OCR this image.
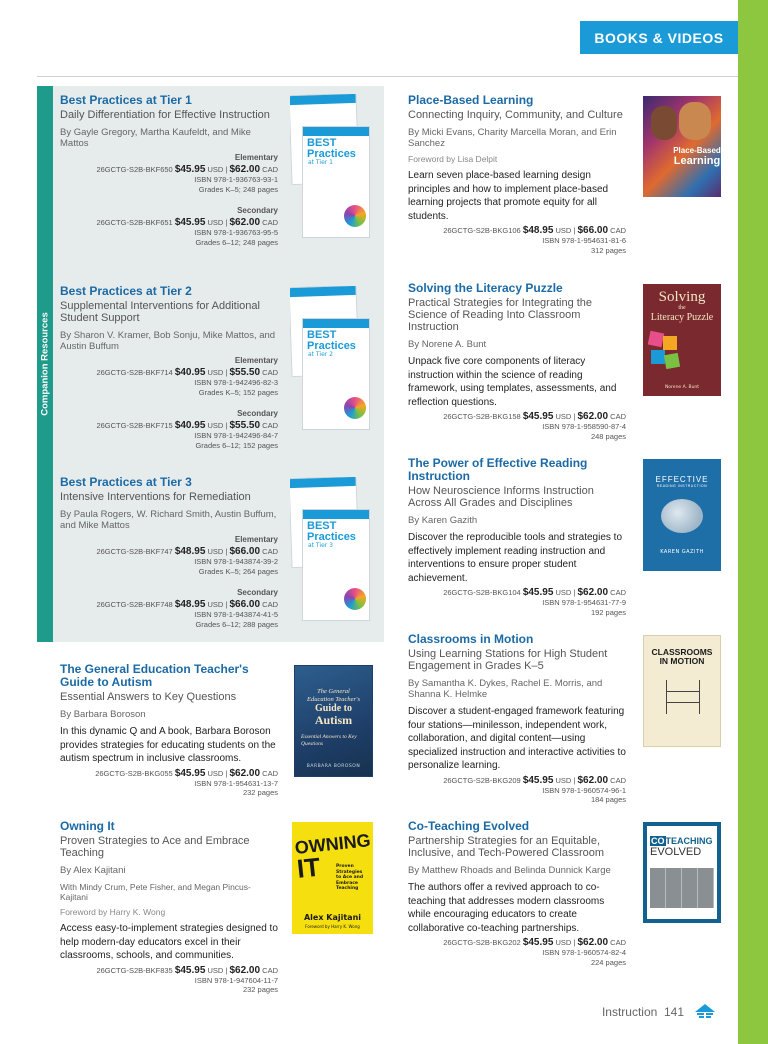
BOOKS & VIDEOS
Companion Resources
Best Practices at Tier 1
Daily Differentiation for Effective Instruction
By Gayle Gregory, Martha Kaufeldt, and Mike Mattos
Elementary
26GCTG-S2B-BKF650 $45.95 USD | $62.00 CAD
ISBN 978-1-936763-93-1
Grades K–5; 248 pages
Secondary
26GCTG-S2B-BKF651 $45.95 USD | $62.00 CAD
ISBN 978-1-936763-95-5
Grades 6–12; 248 pages
BEST
Practices
at Tier 1
Best Practices at Tier 2
Supplemental Interventions for Additional Student Support
By Sharon V. Kramer, Bob Sonju, Mike Mattos, and Austin Buffum
Elementary
26GCTG-S2B-BKF714 $40.95 USD | $55.50 CAD
ISBN 978-1-942496-82-3
Grades K–5; 152 pages
Secondary
26GCTG-S2B-BKF715 $40.95 USD | $55.50 CAD
ISBN 978-1-942496-84-7
Grades 6–12; 152 pages
BEST
Practices
at Tier 2
Best Practices at Tier 3
Intensive Interventions for Remediation
By Paula Rogers, W. Richard Smith, Austin Buffum, and Mike Mattos
Elementary
26GCTG-S2B-BKF747 $48.95 USD | $66.00 CAD
ISBN 978-1-943874-39-2
Grades K–5; 264 pages
Secondary
26GCTG-S2B-BKF748 $48.95 USD | $66.00 CAD
ISBN 978-1-943874-41-5
Grades 6–12; 288 pages
BEST
Practices
at Tier 3
The General Education Teacher's Guide to Autism
Essential Answers to Key Questions
By Barbara Boroson
In this dynamic Q and A book, Barbara Boroson provides strategies for educating students on the autism spectrum in inclusive classrooms.
26GCTG-S2B-BKG055 $45.95 USD | $62.00 CAD
ISBN 978-1-954631-13-7
232 pages
The General
Education Teacher's
Guide to
Autism
Essential Answers to Key Questions
BARBARA BOROSON
Owning It
Proven Strategies to Ace and Embrace Teaching
By Alex Kajitani
With Mindy Crum, Pete Fisher, and Megan Pincus-Kajitani
Foreword by Harry K. Wong
Access easy-to-implement strategies designed to help modern-day educators excel in their classrooms, schools, and communities.
26GCTG-S2B-BKF835 $45.95 USD | $62.00 CAD
ISBN 978-1-947604-11-7
232 pages
OWNING
IT	Proven Strategies to Ace and Embrace Teaching
Alex Kajitani
Foreword by Harry K. Wong
Place-Based Learning
Connecting Inquiry, Community, and Culture
By Micki Evans, Charity Marcella Moran, and Erin Sanchez
Foreword by Lisa Delpit
Learn seven place-based learning design principles and how to implement place-based learning projects that promote equity for all students.
26GCTG-S2B-BKG106 $48.95 USD | $66.00 CAD
ISBN 978-1-954631-81-6
312 pages
Place-Based
Learning
Solving the Literacy Puzzle
Practical Strategies for Integrating the Science of Reading Into Classroom Instruction
By Norene A. Bunt
Unpack five core components of literacy instruction within the science of reading framework, using templates, assessments, and reflection questions.
26GCTG-S2B-BKG158 $45.95 USD | $62.00 CAD
ISBN 978-1-958590-87-4
248 pages
Solving
the
Literacy Puzzle
Norene A. Bunt
The Power of Effective Reading Instruction
How Neuroscience Informs Instruction Across All Grades and Disciplines
By Karen Gazith
Discover the reproducible tools and strategies to effectively implement reading instruction and interventions to ensure proper student achievement.
26GCTG-S2B-BKG104 $45.95 USD | $62.00 CAD
ISBN 978-1-954631-77-9
192 pages
EFFECTIVE
READING INSTRUCTION
KAREN GAZITH
Classrooms in Motion
Using Learning Stations for High Student Engagement in Grades K–5
By Samantha K. Dykes, Rachel E. Morris, and Shanna K. Helmke
Discover a student-engaged framework featuring four stations—minilesson, independent work, collaboration, and digital content—using specialized instruction and interactive activities to personalize learning.
26GCTG-S2B-BKG209 $45.95 USD | $62.00 CAD
ISBN 978-1-960574-96-1
184 pages
CLASSROOMS
IN MOTION
Co-Teaching Evolved
Partnership Strategies for an Equitable, Inclusive, and Tech-Powered Classroom
By Matthew Rhoads and Belinda Dunnick Karge
The authors offer a revived approach to co-teaching that addresses modern classrooms while encouraging educators to create collaborative co-teaching partnerships.
26GCTG-S2B-BKG202 $45.95 USD | $62.00 CAD
ISBN 978-1-960574-82-4
224 pages
COTEACHING
EVOLVED
Instruction 141
